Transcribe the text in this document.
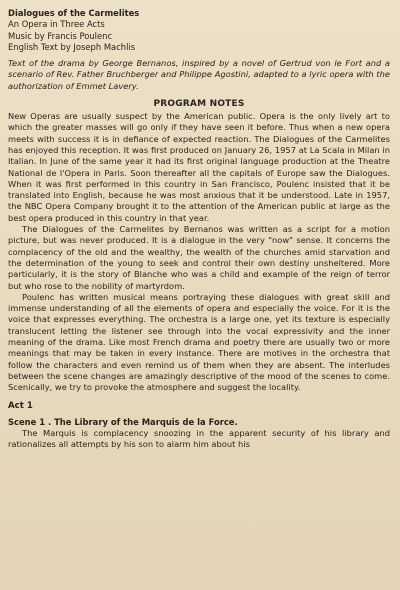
Dialogues of the Carmelites
An Opera in Three Acts
Music by Francis Poulenc
English Text by Joseph Machlis
Text of the drama by George Bernanos, inspired by a novel of Gertrud von le Fort and a scenario of Rev. Father Bruchberger and Philippe Agostini, adapted to a lyric opera with the authorization of Emmet Lavery.
PROGRAM NOTES

New Operas are usually suspect by the American public. Opera is the only lively art to which the greater masses will go only if they have seen it before. Thus when a new opera meets with success it is in defiance of expected reaction. The Dialogues of the Carmelites has enjoyed this reception. It was first produced on January 26, 1957 at La Scala in Milan in Italian. In June of the same year it had its first original language production at the Theatre National de l'Opera in Paris. Soon thereafter all the capitals of Europe saw the Dialogues. When it was first performed in this country in San Francisco, Poulenc insisted that it be translated into English, because he was most anxious that it be understood. Late in 1957, the NBC Opera Company brought it to the attention of the American public at large as the best opera produced in this country in that year.

The Dialogues of the Carmelites by Bernanos was written as a script for a motion picture, but was never produced. It is a dialogue in the very "now" sense. It concerns the complacency of the old and the wealthy, the wealth of the churches amid starvation and the determination of the young to seek and control their own destiny unsheltered. More particularly, it is the story of Blanche who was a child and example of the reign of terror but who rose to the nobility of martyrdom.

Poulenc has written musical means portraying these dialogues with great skill and immense understanding of all the elements of opera and especially the voice. For it is the voice that expresses everything. The orchestra is a large one, yet its texture is especially translucent letting the listener see through into the vocal expressivity and the inner meaning of the drama. Like most French drama and poetry there are usually two or more meanings that may be taken in every instance. There are motives in the orchestra that follow the characters and even remind us of them when they are absent. The interludes between the scene changes are amazingly descriptive of the mood of the scenes to come. Scenically, we try to provoke the atmosphere and suggest the locality.

Act 1
Scene 1 . The Library of the Marquis de la Force.

The Marquis is complacency snoozing in the apparent security of his library and rationalizes all attempts by his son to alarm him about his
